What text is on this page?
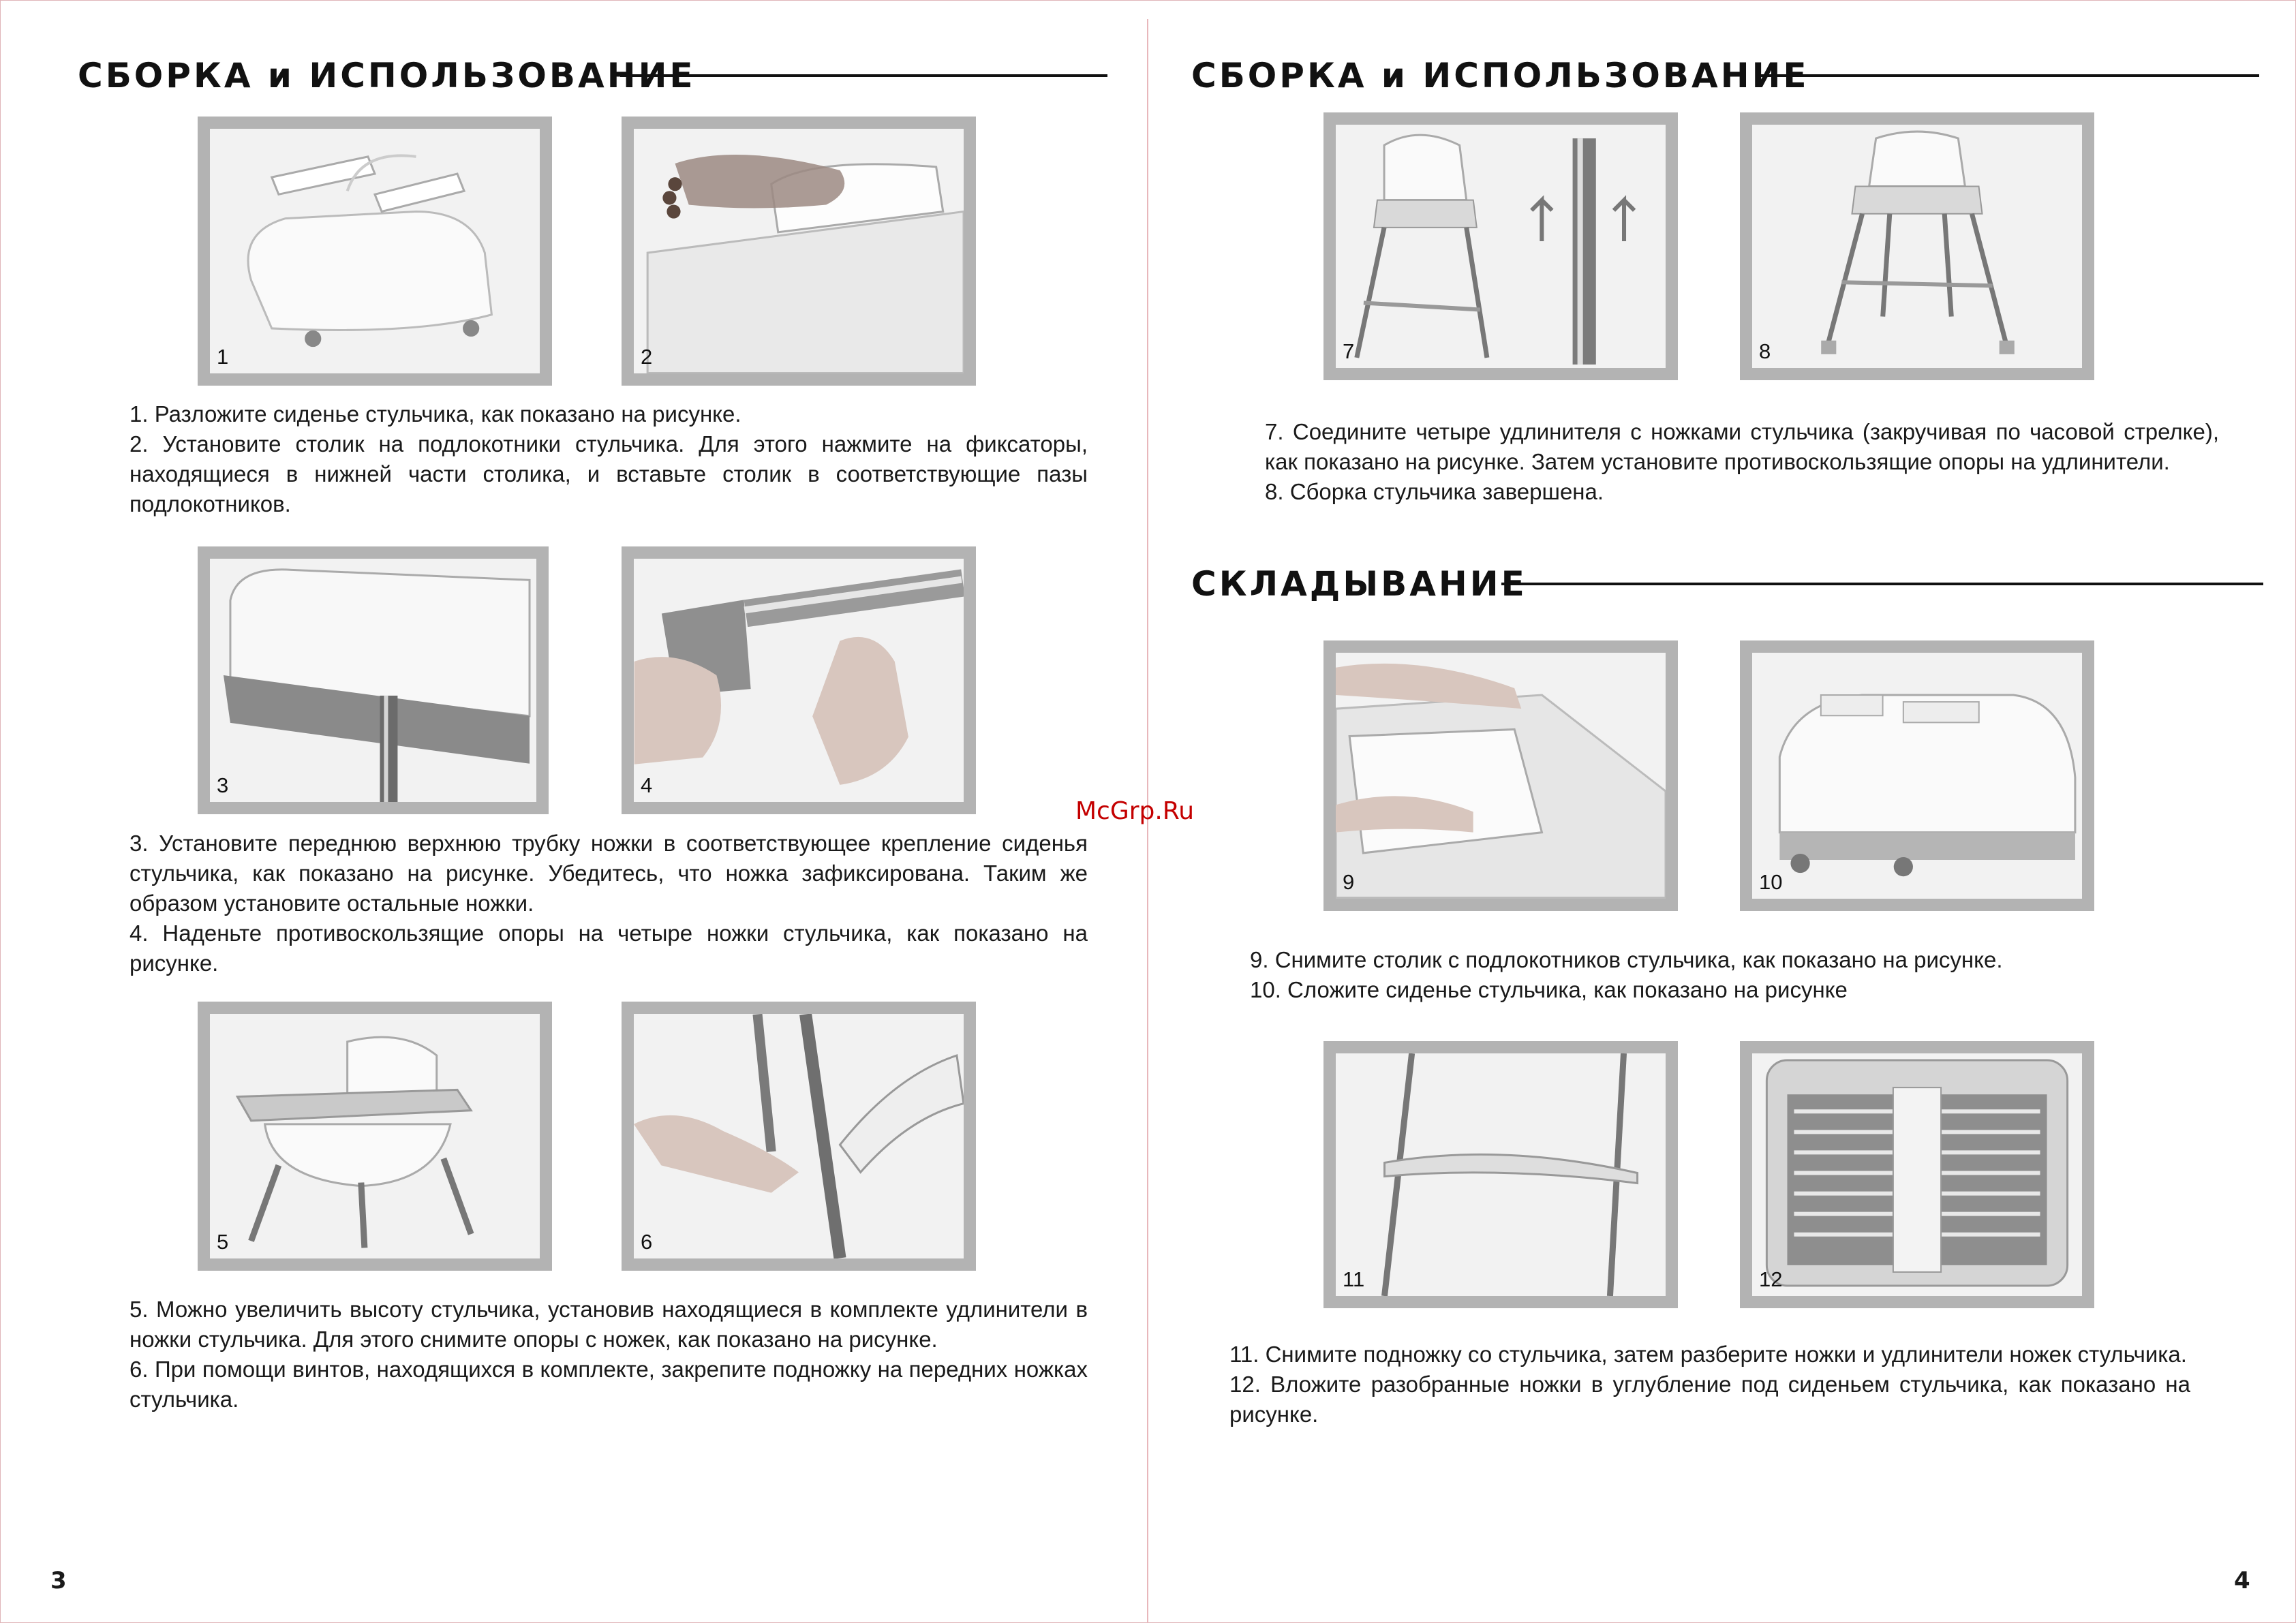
СБОРКА и ИСПОЛЬЗОВАНИЕ
1	2

1. Разложите сиденье стульчика, как показано на рисунке.

2. Установите столик на подлокотники стульчика. Для этого нажмите на фиксаторы, находящиеся в нижней части столика, и вставьте столик в соответствующие пазы подлокотников.

3	4

3. Установите переднюю верхнюю трубку ножки в соответствующее крепление сиденья стульчика, как показано на рисунке. Убедитесь, что ножка зафиксирована. Таким же образом установите остальные ножки.

4. Наденьте противоскользящие опоры на четыре ножки стульчика, как показано на рисунке.

5	6

5. Можно увеличить высоту стульчика, установив находящиеся в комплекте удлинители в ножки стульчика. Для этого снимите опоры с ножек, как показано на рисунке.

6. При помощи винтов, находящихся в комплекте, закрепите подножку на передних ножках стульчика.

3
СБОРКА и ИСПОЛЬЗОВАНИЕ
7	8

7. Соедините четыре удлинителя с ножками стульчика (закручивая по часовой стрелке), как показано на рисунке. Затем установите противоскользящие опоры на удлинители.

8. Сборка стульчика завершена.

СКЛАДЫВАНИЕ
9	10

9. Снимите столик с подлокотников стульчика, как показано на рисунке.

10. Сложите сиденье стульчика, как показано на рисунке

11	12

11. Снимите подножку со стульчика, затем разберите ножки и удлинители ножек стульчика.

12. Вложите разобранные ножки в углубление под сиденьем стульчика, как показано на рисунке.

4
McGrp.Ru
